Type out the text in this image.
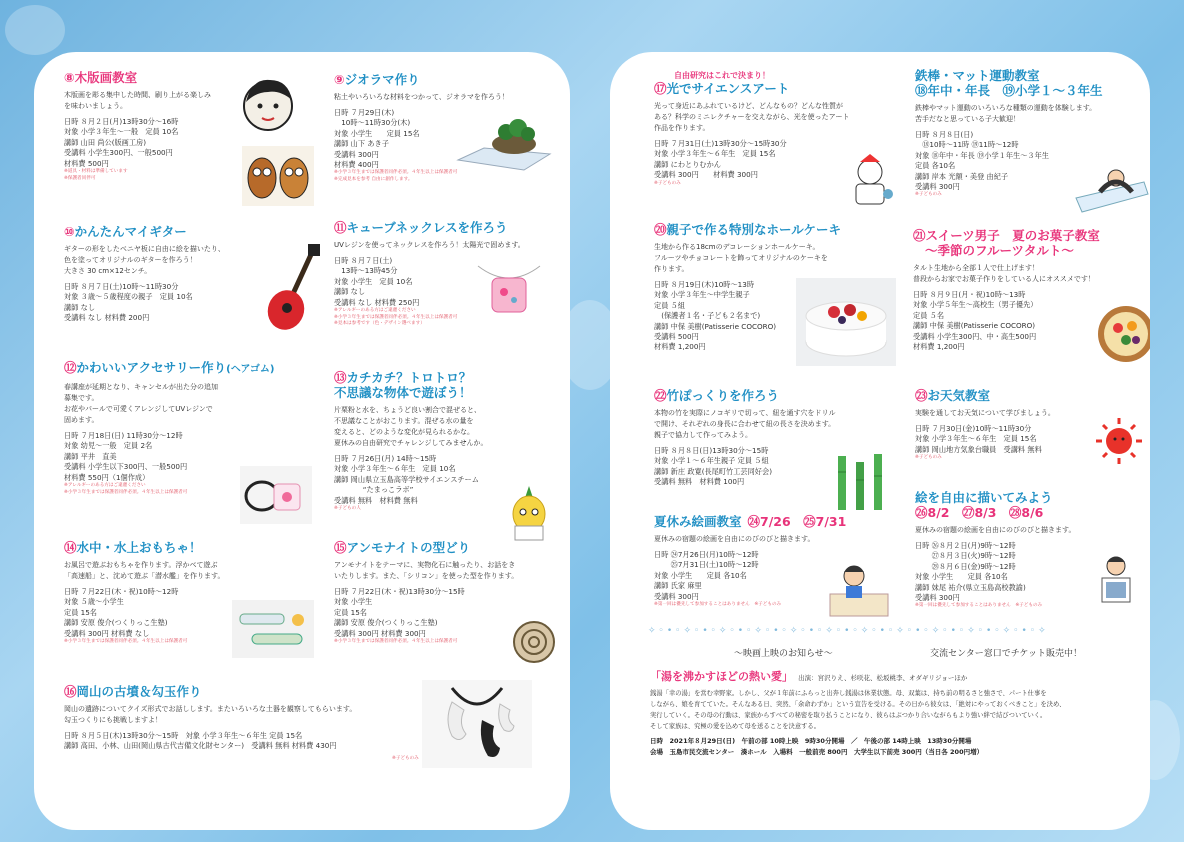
⑧木版画教室
木版画を彫る集中した時間、刷り上がる楽しみ
を味わいましょう。
日時 ８月２日(月)13時30分～16時
対象 小学３年生～一般　定員 10名
講師 山田 尚公(版画工房)
受講料 小学生300円、一般500円
材料費 500円
※道具・材料は準備しています
※保護者同伴可
⑨ジオラマ作り
粘土やいろいろな材料をつかって、ジオラマを作ろう！
日時 ７月29日(木)
　10時～11時30分(木)
対象 小学生　　定員 15名
講師 山下 あき子
受講料 300円
材料費 400円
※小学３年生までは保護者同伴必須。４年生以上は保護者可
※完成見本を参考 自由に創作します。
⑩かんたんマイギター
ギターの形をしたベニヤ板に自由に絵を描いたり、
色を塗ってオリジナルのギターを作ろう！
大きさ 30 cm×12センチ。
日時 ８月７日(土)10時～11時30分
対象 ３歳～５歳程度の親子　定員 10名
講師 なし
受講料 なし 材料費 200円
⑪キューブネックレスを作ろう
UVレジンを使ってネックレスを作ろう！太陽光で固めます。
日時 ８月７日(土)
　13時～13時45分
対象 小学生　定員 10名
講師 なし
受講料 なし 材料費 250円
※アレルギーのある方はご遠慮ください
※小学３年生までは保護者同伴必須。４年生以上は保護者可
※見本は参考です（色・デザイン選べます）
⑫かわいいアクセサリー作り(ヘアゴム)
春講座が延期となり、キャンセルが出た分の追加
募集です。
お花やパールで可愛くアレンジしてUVレジンで
固めます。
日時 ７月18日(日) 11時30分～12時
対象 幼児～一般　定員 2名
講師 平井　直美
受講料 小学生以下300円、一般500円
材料費 550円（1個作成）
※アレルギーのある方はご遠慮ください
※小学３年生までは保護者同伴必須。４年生以上は保護者可
⑬カチカチ？トロトロ？
不思議な物体で遊ぼう！
片栗粉と水を、ちょうど良い割合で混ぜると、
不思議なことがおこります。混ぜる水の量を
変えると、どのような変化が見られるかな。
夏休みの自由研究でチャレンジしてみませんか。
日時 ７月26日(月) 14時～15時
対象 小学３年生～６年生　定員 10名
講師 岡山県立玉島高等学校サイエンスチーム
　　　　“たまっこラボ”
受講料 無料　材料費 無料
※子どもの人
⑭水中・水上おもちゃ！
お風呂で遊ぶおもちゃを作ります。浮かべて遊ぶ
「高速船」と、沈めて遊ぶ「潜水艦」を作ります。
日時 ７月22日(木・祝)10時～12時
対象 ５歳～小学生
定員 15名
講師 安原 俊介(つくりっこ生塾)
受講料 300円 材料費 なし
※小学３年生までは保護者同伴必須。４年生以上は保護者可
⑮アンモナイトの型どり
アンモナイトをテーマに、実物化石に触ったり、お話をき
いたりします。また、「シリコン」を使った型を作ります。
日時 ７月22日(木・祝)13時30分～15時
対象 小学生
定員 15名
講師 安原 俊介(つくりっこ生塾)
受講料 300円 材料費 300円
※小学３年生までは保護者同伴必須。４年生以上は保護者可
⑯岡山の古墳＆勾玉作り
岡山の遺跡についてクイズ形式でお話しします。またいろいろな土器を観察してもらいます。
勾玉つくりにも挑戦しますよ！
日時 ８月５日(木)13時30分～15時　対象 小学３年生～６年生 定員 15名
講師 高田、小林、山田(岡山県古代吉備文化財センター)　受講料 無料 材料費 430円
※子どものみ
自由研究はこれで決まり！
⑰光でサイエンスアート
光って身近にあふれているけど、どんなもの？どんな性質が
ある？科学のミニレクチャーを交えながら、光を使ったアート
作品を作ります。
日時 ７月31日(土)13時30分～15時30分
対象 小学３年生～６年生　定員 15名
講師 にわとりむかん
受講料 300円　　材料費 300円
※子どものみ
鉄棒・マット運動教室
⑱年中・年長　⑲小学１～３年生
鉄棒やマット運動のいろいろな種類の運動を体験します。
苦手だなと思っている子大歓迎！
日時 ８月８日(日)
　⑱10時～11時 ⑲11時～12時
対象 ⑱年中・年長 ⑲小学１年生～３年生
定員 各10名
講師 岸本 光額・美登 由紀子
受講料 300円
※子どものみ
⑳親子で作る特別なホールケーキ
生地から作る18cmのデコレーションホールケーキ。
フルーツやチョコレートを飾ってオリジナルのケーキを
作ります。
日時 ８月19日(木)10時～13時
対象 小学３年生～中学生親子
定員 ５組
　(保護者１名・子ども２名まで)
講師 中保 美樹(Patisserie COCORO)
受講料 500円
材料費 1,200円
㉑スイーツ男子　夏のお菓子教室
～季節のフルーツタルト～
タルト生地から全部１人で仕上げます！
普段からお家でお菓子作りをしている人にオススメです！
日時 ８月９日(月・祝)10時～13時
対象 小学５年生～高校生（男子優先）
定員 ５名
講師 中保 美樹(Patisserie COCORO)
受講料 小学生300円、中・高生500円
材料費 1,200円
㉒竹ぽっくりを作ろう
本物の竹を実際にノコギリで切って、紐を通す穴をドリル
で開け、それぞれの身長に合わせて紐の長さを決めます。
親子で協力して作ってみよう。
日時 ８月８日(日)13時30分～15時
対象 小学１～６年生親子 定員 ５組
講師 新庄 政寛(長尾町竹工芸同好会)
受講料 無料　材料費 100円
㉓お天気教室
実験を通してお天気について学びましょう。
日時 ７月30日(金)10時～11時30分
対象 小学３年生～６年生　定員 15名
講師 岡山地方気象台職員　受講料 無料
※子どものみ
夏休み絵画教室 ㉔7/26　㉕7/31
夏休みの宿題の絵画を自由にのびのびと描きます。
日時 ㉔7月26日(月)10時～12時
　　 ㉕7月31日(土)10時～12時
対象 小学生　　定員 各10名
講師 氏家 麻里
受講料 300円
※第一回は優先して参加することはありません　※子どものみ
絵を自由に描いてみよう
㉖8/2　㉗8/3　㉘8/6
夏休みの宿題の絵画を自由にのびのびと描きます。
日時 ㉖８月２日(月)9時～12時
　　 ㉗８月３日(火)9時～12時
　　 ㉘８月６日(金)9時～12時
対象 小学生　　定員 各10名
講師 妹尾 祐介(県立玉島高校教諭)
受講料 300円
※第一回は優先して参加することはありません　※子どものみ
✧◦•◦✧◦•◦✧◦•◦✧◦•◦✧◦•◦✧◦•◦✧◦•◦✧◦•◦✧◦•◦✧◦•◦✧◦•◦✧
～映画上映のお知らせ～	交流センター窓口でチケット販売中！
「湯を沸かすほどの熱い愛」 出演：宮沢りえ、杉咲花、松坂桃李、オダギリジョーほか
銭湯「幸の湯」を営む幸野家。しかし、父が１年前にふらっと出奔し銭湯は休業状態。母、双葉は、持ち前の明るさと強さで、パート仕事を
しながら、娘を育てていた。そんなある日、突然、「余命わずか」という宣告を受ける。その日から彼女は、「絶対にやっておくべきこと」を決め、
実行していく。その母の行動は、家族からすべての秘密を取り払うことになり、彼らはぶつかり合いながらもより強い絆で結びついていく。
そして家族は、究極の愛を込めて母を送ることを決意する。
日時　2021年８月29日(日)　午前の部 10時上映　9時30分開場　／　午後の部 14時上映　13時30分開場
会場　玉島市民交流センター　湊ホール　入場料　一般前売 800円　大学生以下前売 300円（当日各 200円増）
